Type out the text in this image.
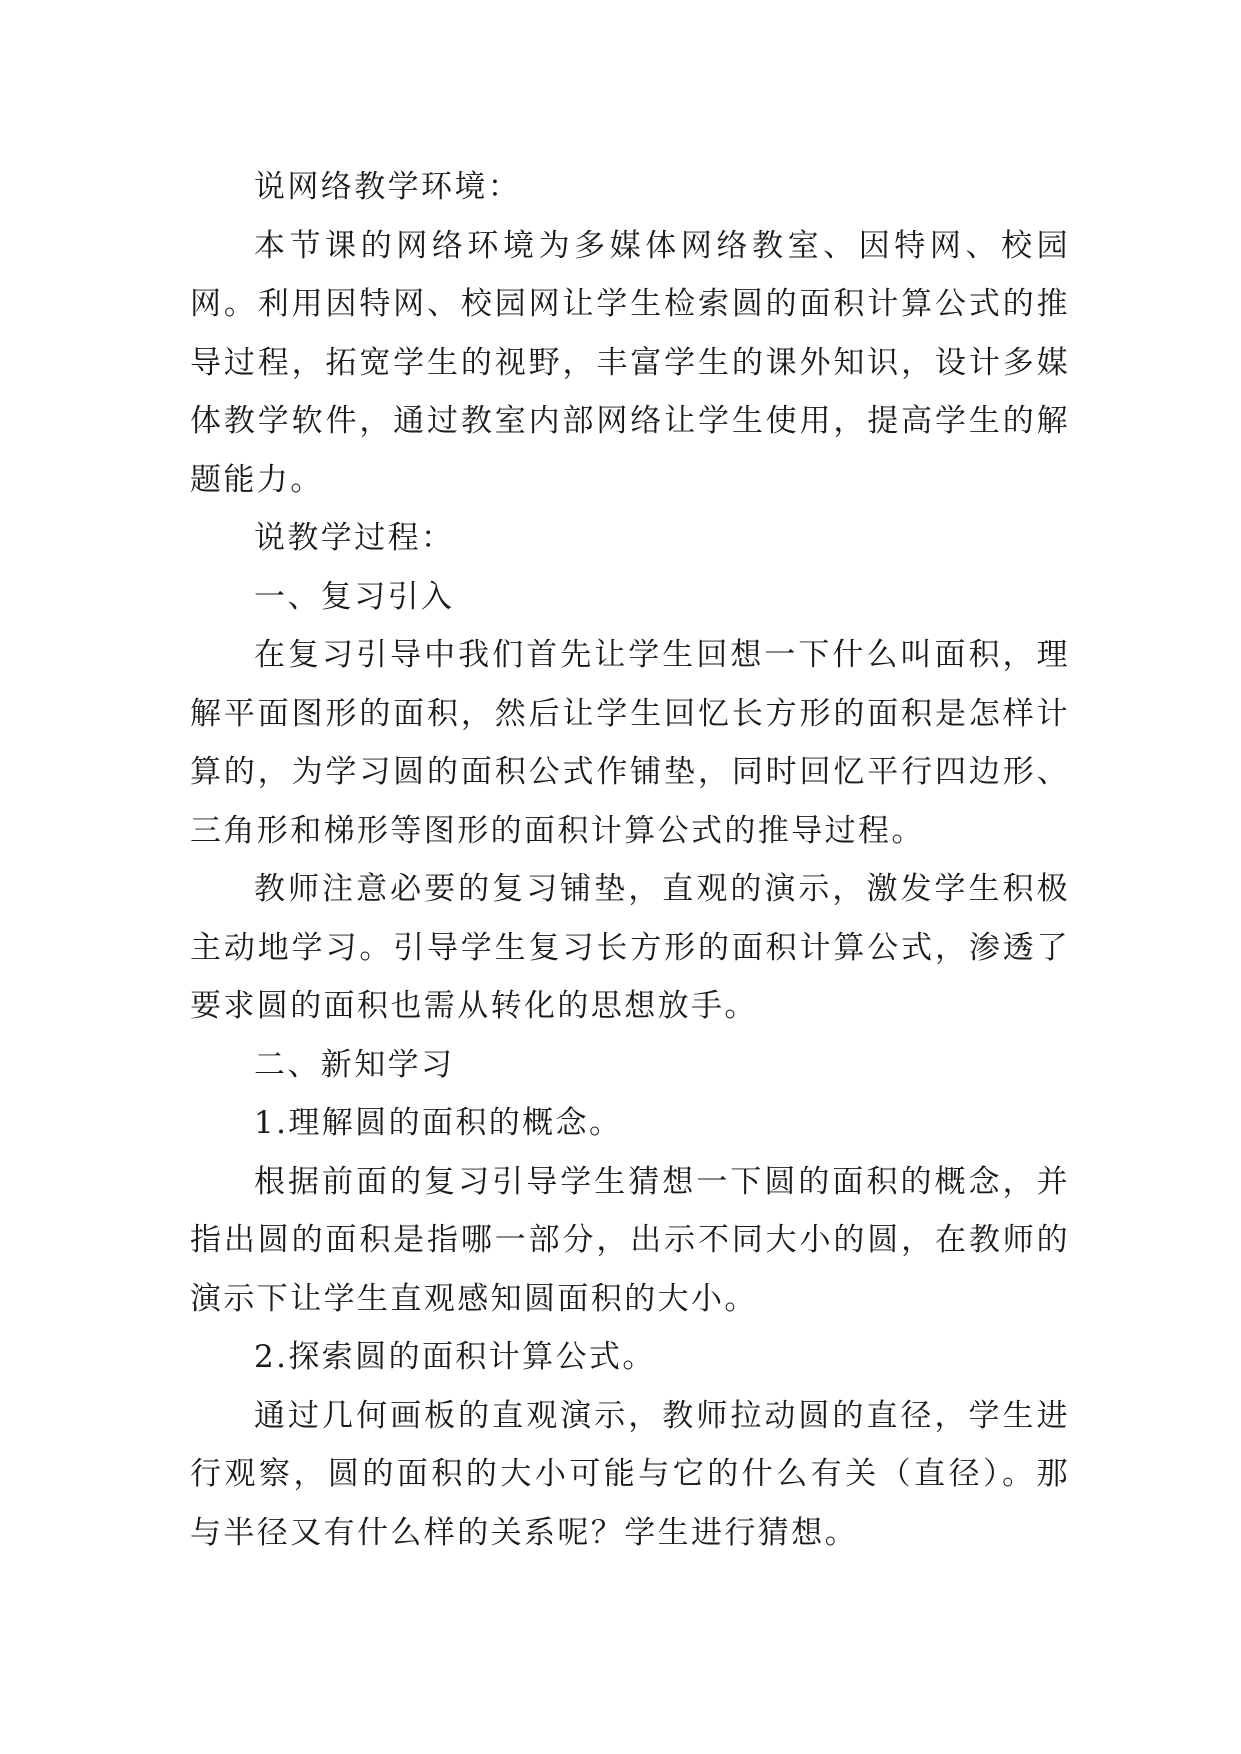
说网络教学环境：

本节课的网络环境为多媒体网络教室、因特网、校园网。利用因特网、校园网让学生检索圆的面积计算公式的推导过程，拓宽学生的视野，丰富学生的课外知识，设计多媒体教学软件，通过教室内部网络让学生使用，提高学生的解题能力。

说教学过程：

一、复习引入

在复习引导中我们首先让学生回想一下什么叫面积，理解平面图形的面积，然后让学生回忆长方形的面积是怎样计算的，为学习圆的面积公式作铺垫，同时回忆平行四边形、三角形和梯形等图形的面积计算公式的推导过程。

教师注意必要的复习铺垫，直观的演示，激发学生积极主动地学习。引导学生复习长方形的面积计算公式，渗透了要求圆的面积也需从转化的思想放手。

二、新知学习

1.理解圆的面积的概念。

根据前面的复习引导学生猜想一下圆的面积的概念，并指出圆的面积是指哪一部分，出示不同大小的圆，在教师的演示下让学生直观感知圆面积的大小。

2.探索圆的面积计算公式。

通过几何画板的直观演示，教师拉动圆的直径，学生进行观察，圆的面积的大小可能与它的什么有关（直径）。那与半径又有什么样的关系呢？学生进行猜想。
